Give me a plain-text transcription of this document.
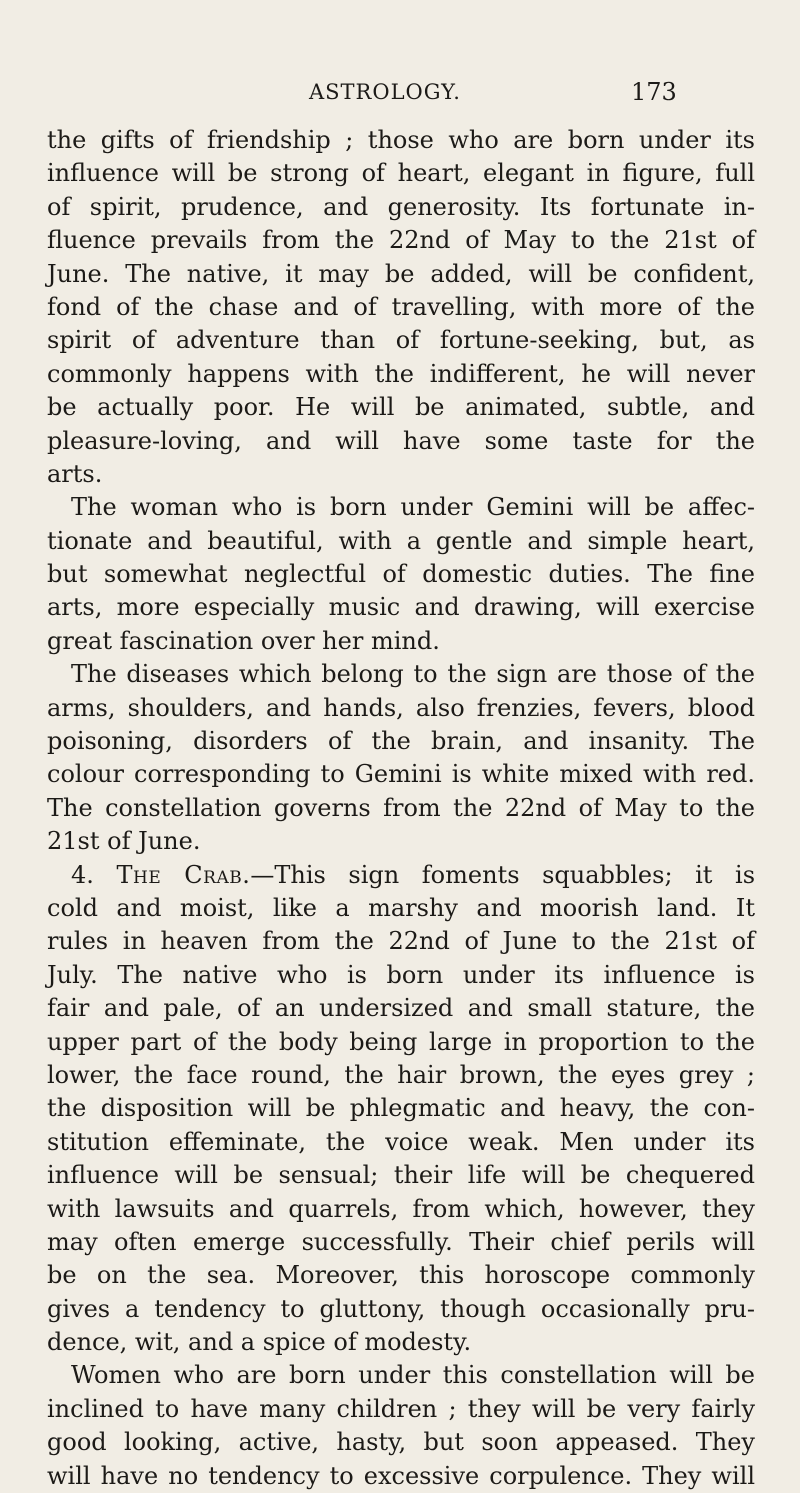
ASTROLOGY.	173
the gifts of friendship ; those who are born under its
influence will be strong of heart, elegant in figure, full
of spirit, prudence, and generosity. Its fortunate in-
fluence prevails from the 22nd of May to the 21st of
June. The native, it may be added, will be confident,
fond of the chase and of travelling, with more of the
spirit of adventure than of fortune-seeking, but, as
commonly happens with the indifferent, he will never
be actually poor. He will be animated, subtle, and
pleasure-loving, and will have some taste for the
arts.
The woman who is born under Gemini will be affec-
tionate and beautiful, with a gentle and simple heart,
but somewhat neglectful of domestic duties. The fine
arts, more especially music and drawing, will exercise
great fascination over her mind.
The diseases which belong to the sign are those of the
arms, shoulders, and hands, also frenzies, fevers, blood
poisoning, disorders of the brain, and insanity. The
colour corresponding to Gemini is white mixed with red.
The constellation governs from the 22nd of May to the
21st of June.
4. The Crab.—This sign foments squabbles; it is
cold and moist, like a marshy and moorish land. It
rules in heaven from the 22nd of June to the 21st of
July. The native who is born under its influence is
fair and pale, of an undersized and small stature, the
upper part of the body being large in proportion to the
lower, the face round, the hair brown, the eyes grey ;
the disposition will be phlegmatic and heavy, the con-
stitution effeminate, the voice weak. Men under its
influence will be sensual; their life will be chequered
with lawsuits and quarrels, from which, however, they
may often emerge successfully. Their chief perils will
be on the sea. Moreover, this horoscope commonly
gives a tendency to gluttony, though occasionally pru-
dence, wit, and a spice of modesty.
Women who are born under this constellation will be
inclined to have many children ; they will be very fairly
good looking, active, hasty, but soon appeased. They
will have no tendency to excessive corpulence. They will
